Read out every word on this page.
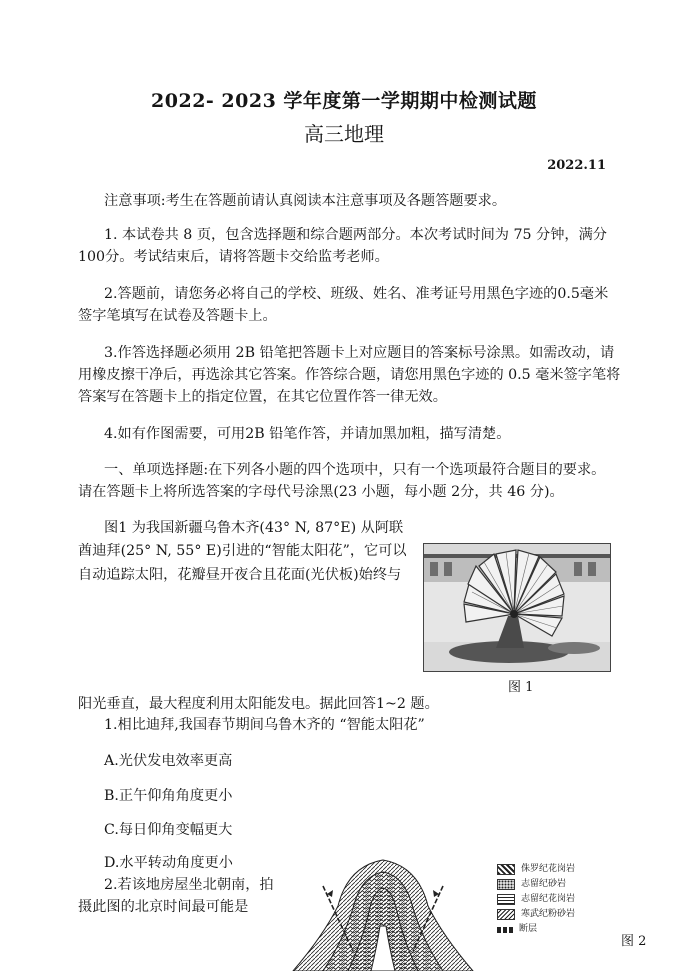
2022- 2023 学年度第一学期期中检测试题
高三地理
2022.11
注意事项:考生在答题前请认真阅读本注意事项及各题答题要求。
1. 本试卷共 8 页，包含选择题和综合题两部分。本次考试时间为 75 分钟，满分
100分。考试结束后，请将答题卡交给监考老师。
2.答题前，请您务必将自己的学校、班级、姓名、准考证号用黑色字迹的0.5毫米
签字笔填写在试卷及答题卡上。
3.作答选择题必须用 2B 铅笔把答题卡上对应题目的答案标号涂黑。如需改动，请
用橡皮擦干净后，再选涂其它答案。作答综合题，请您用黑色字迹的 0.5 毫米签字笔将
答案写在答题卡上的指定位置，在其它位置作答一律无效。
4.如有作图需要，可用2B 铅笔作答，并请加黑加粗，描写清楚。
一、单项选择题:在下列各小题的四个选项中，只有一个选项最符合题目的要求。
请在答题卡上将所选答案的字母代号涂黑(23 小题，每小题 2分，共 46 分)。
图1 为我国新疆乌鲁木齐(43° N, 87°E) 从阿联
酋迪拜(25° N, 55° E)引进的“智能太阳花”，它可以
自动追踪太阳，花瓣昼开夜合且花面(光伏板)始终与
图 1
阳光垂直，最大程度利用太阳能发电。据此回答1~2 题。
1.相比迪拜,我国春节期间乌鲁木齐的 “智能太阳花”
A.光伏发电效率更高
B.正午仰角角度更小
C.每日仰角变幅更大
D.水平转动角度更小
2.若该地房屋坐北朝南，拍
摄此图的北京时间最可能是
侏罗纪花岗岩
志留纪砂岩
志留纪花岗岩
寒武纪粉砂岩
断层
图 2
